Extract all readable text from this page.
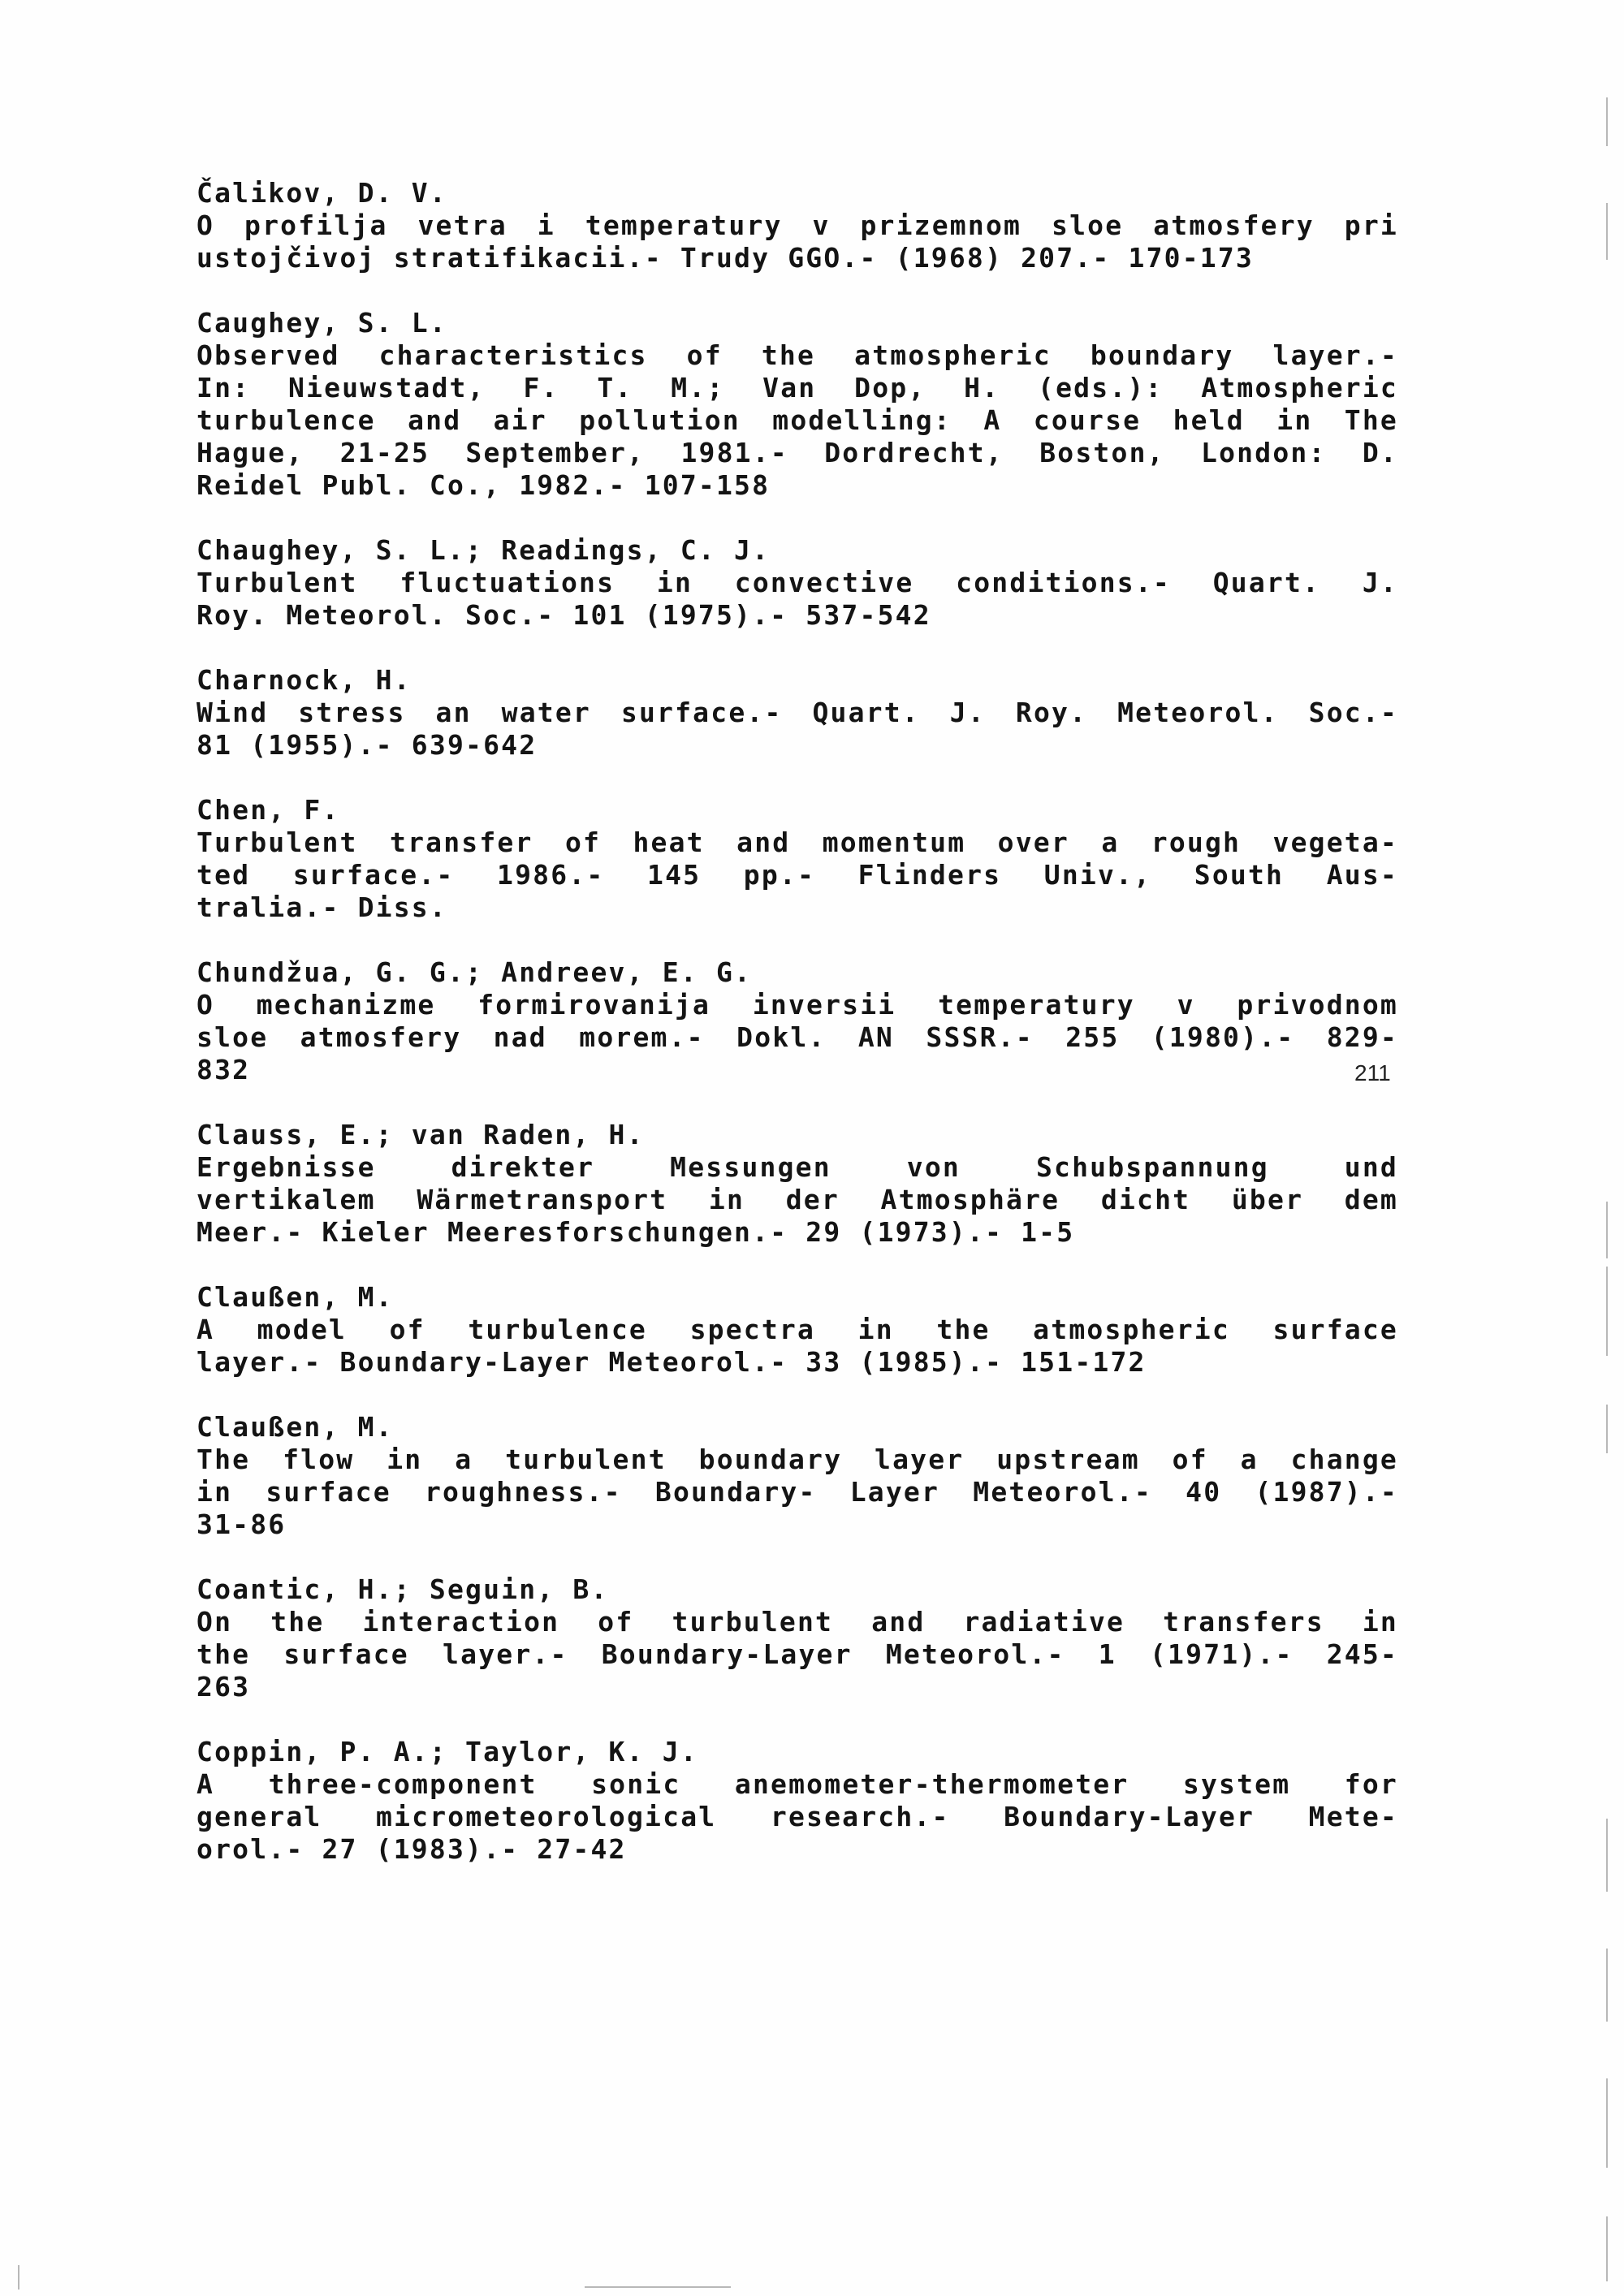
Čalikov, D. V.
O profilja vetra i temperatury v prizemnom sloe atmosfery pri
ustojčivoj stratifikacii.- Trudy GGO.- (1968) 207.- 170-173
Caughey, S. L.
Observed characteristics of the atmospheric boundary layer.-
In: Nieuwstadt, F. T. M.; Van Dop, H. (eds.): Atmospheric
turbulence and air pollution modelling: A course held in The
Hague, 21-25 September, 1981.- Dordrecht, Boston, London: D.
Reidel Publ. Co., 1982.- 107-158
Chaughey, S. L.; Readings, C. J.
Turbulent fluctuations in convective conditions.- Quart. J.
Roy. Meteorol. Soc.- 101 (1975).- 537-542
Charnock, H.
Wind stress an water surface.- Quart. J. Roy. Meteorol. Soc.-
81 (1955).- 639-642
Chen, F.
Turbulent transfer of heat and momentum over a rough vegeta-
ted surface.- 1986.- 145 pp.- Flinders Univ., South Aus-
tralia.- Diss.
Chundžua, G. G.; Andreev, E. G.
O mechanizme formirovanija inversii temperatury v privodnom
sloe atmosfery nad morem.- Dokl. AN SSSR.- 255 (1980).- 829-
832
Clauss, E.; van Raden, H.
Ergebnisse direkter Messungen von Schubspannung und
vertikalem Wärmetransport in der Atmosphäre dicht über dem
Meer.- Kieler Meeresforschungen.- 29 (1973).- 1-5
Claußen, M.
A model of turbulence spectra in the atmospheric surface
layer.- Boundary-Layer Meteorol.- 33 (1985).- 151-172
Claußen, M.
The flow in a turbulent boundary layer upstream of a change
in surface roughness.- Boundary- Layer Meteorol.- 40 (1987).-
31-86
Coantic, H.; Seguin, B.
On the interaction of turbulent and radiative transfers in
the surface layer.- Boundary-Layer Meteorol.- 1 (1971).- 245-
263
Coppin, P. A.; Taylor, K. J.
A three-component sonic anemometer-thermometer system for
general micrometeorological research.- Boundary-Layer Mete-
orol.- 27 (1983).- 27-42
211
